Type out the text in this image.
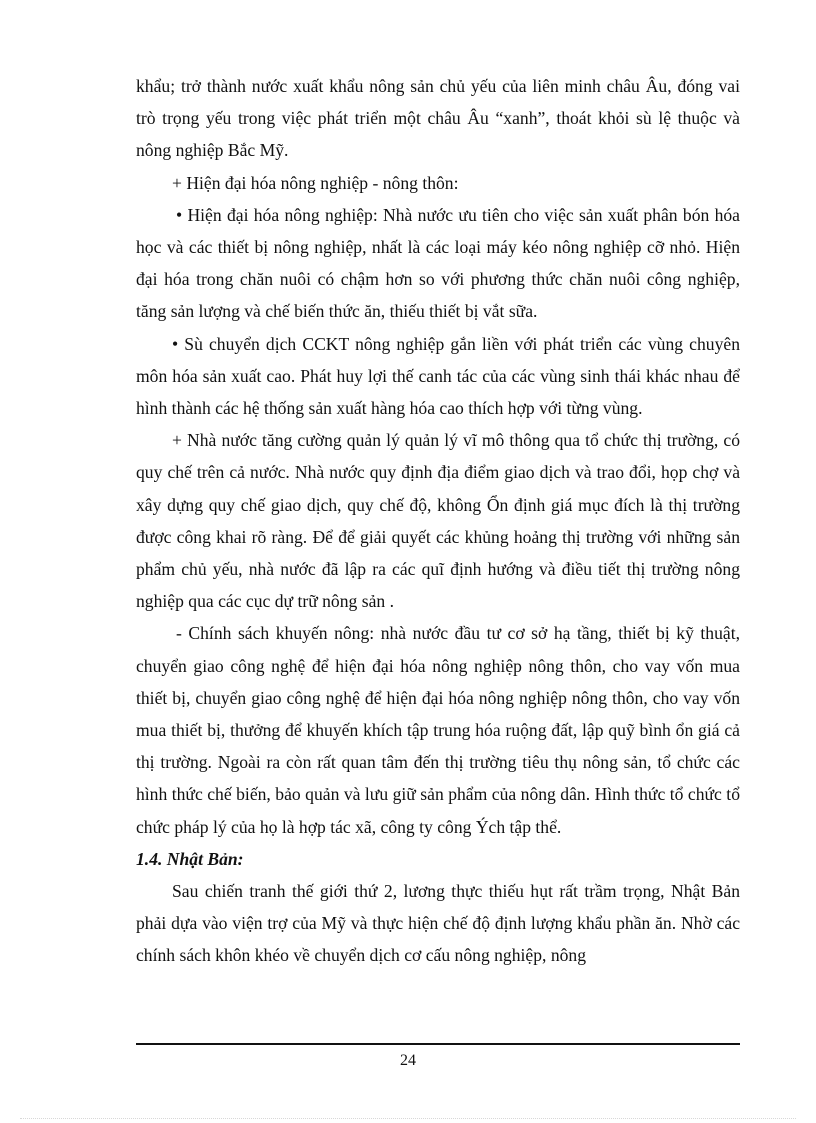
khẩu; trở thành nước xuất khẩu nông sản chủ yếu của liên minh châu Âu, đóng vai trò trọng yếu trong việc phát triển một châu Âu “xanh”, thoát khỏi sù lệ thuộc và nông nghiệp Bắc Mỹ.

+ Hiện đại hóa nông nghiệp - nông thôn:

• Hiện đại hóa nông nghiệp: Nhà nước ưu tiên cho việc sản xuất phân bón hóa học và các thiết bị nông nghiệp, nhất là các loại máy kéo nông nghiệp cỡ nhỏ. Hiện đại hóa trong chăn nuôi có chậm hơn so với phương thức chăn nuôi công nghiệp, tăng sản lượng và chế biến thức ăn, thiếu thiết bị vắt sữa.

• Sù chuyển dịch CCKT nông nghiệp gắn liền với phát triển các vùng chuyên môn hóa sản xuất cao. Phát huy lợi thế canh tác của các vùng sinh thái khác nhau để hình thành các hệ thống sản xuất hàng hóa cao thích hợp với từng vùng.

+ Nhà nước tăng cường quản lý quản lý vĩ mô thông qua tổ chức thị trường, có quy chế trên cả nước. Nhà nước quy định địa điểm giao dịch và trao đổi, họp chợ và xây dựng quy chế giao dịch, quy chế độ, không Ổn định giá mục đích là thị trường được công khai rõ ràng. Để để giải quyết các khủng hoảng thị trường với những sản phẩm chủ yếu, nhà nước đã lập ra các quĩ định hướng và điều tiết thị trường nông nghiệp qua các cục dự trữ nông sản .

- Chính sách khuyến nông: nhà nước đầu tư cơ sở hạ tầng, thiết bị kỹ thuật, chuyển giao công nghệ để hiện đại hóa nông nghiệp nông thôn, cho vay vốn mua thiết bị, chuyển giao công nghệ để hiện đại hóa nông nghiệp nông thôn, cho vay vốn mua thiết bị, thưởng để khuyến khích tập trung hóa ruộng đất, lập quỹ bình ổn giá cả thị trường. Ngoài ra còn rất quan tâm đến thị trường tiêu thụ nông sản, tổ chức các hình thức chế biến, bảo quản và lưu giữ sản phẩm của nông dân. Hình thức tổ chức tổ chức pháp lý của họ là hợp tác xã, công ty công Ých tập thể.

1.4. Nhật Bản:

Sau chiến tranh thế giới thứ 2, lương thực thiếu hụt rất trầm trọng, Nhật Bản phải dựa vào viện trợ của Mỹ và thực hiện chế độ định lượng khẩu phần ăn. Nhờ các chính sách khôn khéo về chuyển dịch cơ cấu nông nghiệp, nông

24
